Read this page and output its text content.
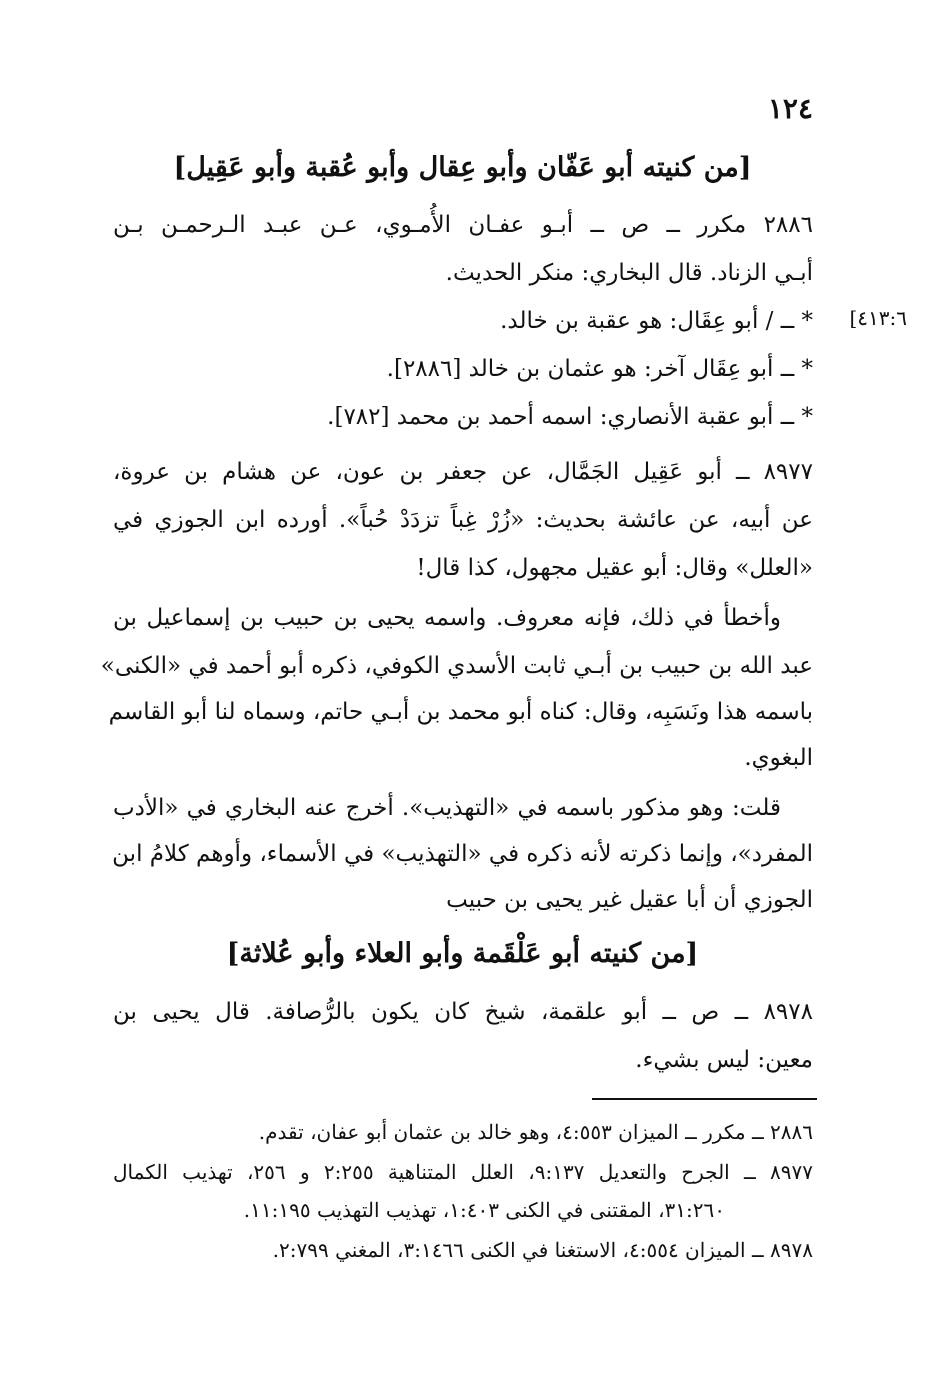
١٢٤
[من كنيته أبو عَفّان وأبو عِقال وأبو عُقبة وأبو عَقِيل]
٢٨٨٦ مكرر ــ ص ــ أبـو عفـان الأُمـوي، عـن عبـد الـرحمـن بـن
أبـي الزناد. قال البخاري: منكر الحديث.
[٤١٣:٦
* ــ / أبو عِقَال: هو عقبة بن خالد.
* ــ أبو عِقَال آخر: هو عثمان بن خالد [٢٨٨٦].
* ــ أبو عقبة الأنصاري: اسمه أحمد بن محمد [٧٨٢].
٨٩٧٧ ــ أبو عَقِيل الجَمَّال، عن جعفر بن عون، عن هشام بن عروة،
عن أبيه، عن عائشة بحديث: «زُرْ غِباً تزدَدْ حُباً». أورده ابن الجوزي في
«العلل» وقال: أبو عقيل مجهول، كذا قال!
وأخطأ في ذلك، فإنه معروف. واسمه يحيى بن حبيب بن إسماعيل بن
عبد الله بن حبيب بن أبـي ثابت الأسدي الكوفي، ذكره أبو أحمد في «الكنى»
باسمه هذا ونَسَبِه، وقال: كناه أبو محمد بن أبـي حاتم، وسماه لنا أبو القاسم
البغوي.
قلت: وهو مذكور باسمه في «التهذيب». أخرج عنه البخاري في «الأدب
المفرد»، وإنما ذكرته لأنه ذكره في «التهذيب» في الأسماء، وأوهم كلامُ ابن
الجوزي أن أبا عقيل غير يحيى بن حبيب
[من كنيته أبو عَلْقَمة وأبو العلاء وأبو عُلاثة]
٨٩٧٨ ــ ص ــ أبو علقمة، شيخ كان يكون بالرُّصافة. قال يحيى بن
معين: ليس بشيء.
٢٨٨٦ ــ مكرر ــ الميزان ٤:٥٥٣، وهو خالد بن عثمان أبو عفان، تقدم.
٨٩٧٧ ــ الجرح والتعديل ٩:١٣٧، العلل المتناهية ٢:٢٥٥ و ٢٥٦، تهذيب الكمال
٣١:٢٦٠، المقتنى في الكنى ١:٤٠٣، تهذيب التهذيب ١١:١٩٥.
٨٩٧٨ ــ الميزان ٤:٥٥٤، الاستغنا في الكنى ٣:١٤٦٦، المغني ٢:٧٩٩.
